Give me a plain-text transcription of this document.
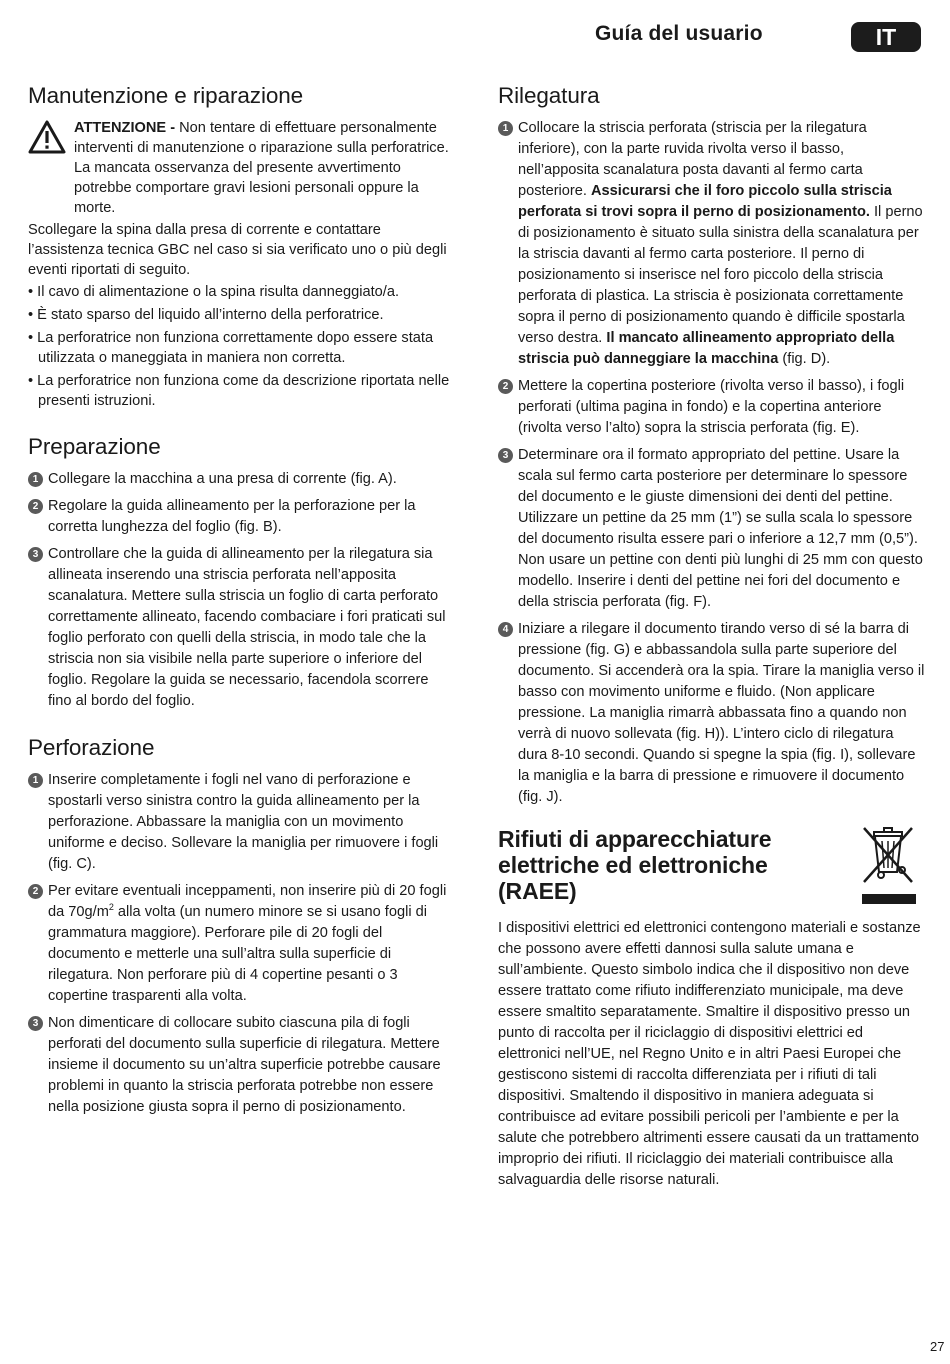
Guía del usuario	IT
Manutenzione e riparazione

ATTENZIONE - Non tentare di effettuare personalmente interventi di manutenzione o riparazione sulla perforatrice. La mancata osservanza del presente avvertimento potrebbe comportare gravi lesioni personali oppure la morte.

Scollegare la spina dalla presa di corrente e contattare l’assistenza tecnica GBC nel caso si sia verificato uno o più degli eventi riportati di seguito.

• Il cavo di alimentazione o la spina risulta danneggiato/a.
• È stato sparso del liquido all’interno della perforatrice.
• La perforatrice non funziona correttamente dopo essere stata utilizzata o maneggiata in maniera non corretta.
• La perforatrice non funziona come da descrizione riportata nelle presenti istruzioni.
Preparazione
1 Collegare la macchina a una presa di corrente (fig. A).
2 Regolare la guida allineamento per la perforazione per la corretta lunghezza del foglio (fig. B).
3 Controllare che la guida di allineamento per la rilegatura sia allineata inserendo una striscia perforata nell’apposita scanalatura. Mettere sulla striscia un foglio di carta perforato correttamente allineato, facendo combaciare i fori praticati sul foglio perforato con quelli della striscia, in modo tale che la striscia non sia visibile nella parte superiore o inferiore del foglio. Regolare la guida se necessario, facendola scorrere fino al bordo del foglio.
Perforazione
1 Inserire completamente i fogli nel vano di perforazione e spostarli verso sinistra contro la guida allineamento per la perforazione. Abbassare la maniglia con un movimento uniforme e deciso. Sollevare la maniglia per rimuovere i fogli (fig. C).
2 Per evitare eventuali inceppamenti, non inserire più di 20 fogli da $70g/m^2$ alla volta (un numero minore se si usano fogli di grammatura maggiore). Perforare pile di 20 fogli del documento e metterle una sull’altra sulla superficie di rilegatura. Non perforare più di 4 copertine pesanti o 3 copertine trasparenti alla volta.
3 Non dimenticare di collocare subito ciascuna pila di fogli perforati del documento sulla superficie di rilegatura. Mettere insieme il documento su un’altra superficie potrebbe causare problemi in quanto la striscia perforata potrebbe non essere nella posizione giusta sopra il perno di posizionamento.
Rilegatura
1 Collocare la striscia perforata (striscia per la rilegatura inferiore), con la parte ruvida rivolta verso il basso, nell’apposita scanalatura posta davanti al fermo carta posteriore. Assicurarsi che il foro piccolo sulla striscia perforata si trovi sopra il perno di posizionamento. Il perno di posizionamento è situato sulla sinistra della scanalatura per la striscia davanti al fermo carta posteriore. Il perno di posizionamento si inserisce nel foro piccolo della striscia perforata di plastica. La striscia è posizionata correttamente sopra il perno di posizionamento quando è difficile spostarla verso destra. Il mancato allineamento appropriato della striscia può danneggiare la macchina (fig. D).
2 Mettere la copertina posteriore (rivolta verso il basso), i fogli perforati (ultima pagina in fondo) e la copertina anteriore (rivolta verso l’alto) sopra la striscia perforata (fig. E).
3 Determinare ora il formato appropriato del pettine. Usare la scala sul fermo carta posteriore per determinare lo spessore del documento e le giuste dimensioni dei denti del pettine. Utilizzare un pettine da 25 mm (1”) se sulla scala lo spessore del documento risulta essere pari o inferiore a 12,7 mm (0,5”). Non usare un pettine con denti più lunghi di 25 mm con questo modello. Inserire i denti del pettine nei fori del documento e della striscia perforata (fig. F).
4 Iniziare a rilegare il documento tirando verso di sé la barra di pressione (fig. G) e abbassandola sulla parte superiore del documento. Si accenderà ora la spia. Tirare la maniglia verso il basso con movimento uniforme e fluido. (Non applicare pressione. La maniglia rimarrà abbassata fino a quando non verrà di nuovo sollevata (fig. H)). L’intero ciclo di rilegatura dura 8-10 secondi. Quando si spegne la spia (fig. I), sollevare la maniglia e la barra di pressione e rimuovere il documento (fig. J).
Rifiuti di apparecchiature elettriche ed elettroniche (RAEE)

I dispositivi elettrici ed elettronici contengono materiali e sostanze che possono avere effetti dannosi sulla salute umana e sull’ambiente. Questo simbolo indica che il dispositivo non deve essere trattato come rifiuto indifferenziato municipale, ma deve essere smaltito separatamente. Smaltire il dispositivo presso un punto di raccolta per il riciclaggio di dispositivi elettrici ed elettronici nell’UE, nel Regno Unito e in altri Paesi Europei che gestiscono sistemi di raccolta differenziata per i rifiuti di tali dispositivi. Smaltendo il dispositivo in maniera adeguata si contribuisce ad evitare possibili pericoli per l’ambiente e per la salute che potrebbero altrimenti essere causati da un trattamento improprio dei rifiuti. Il riciclaggio dei materiali contribuisce alla salvaguardia delle risorse naturali.

27
